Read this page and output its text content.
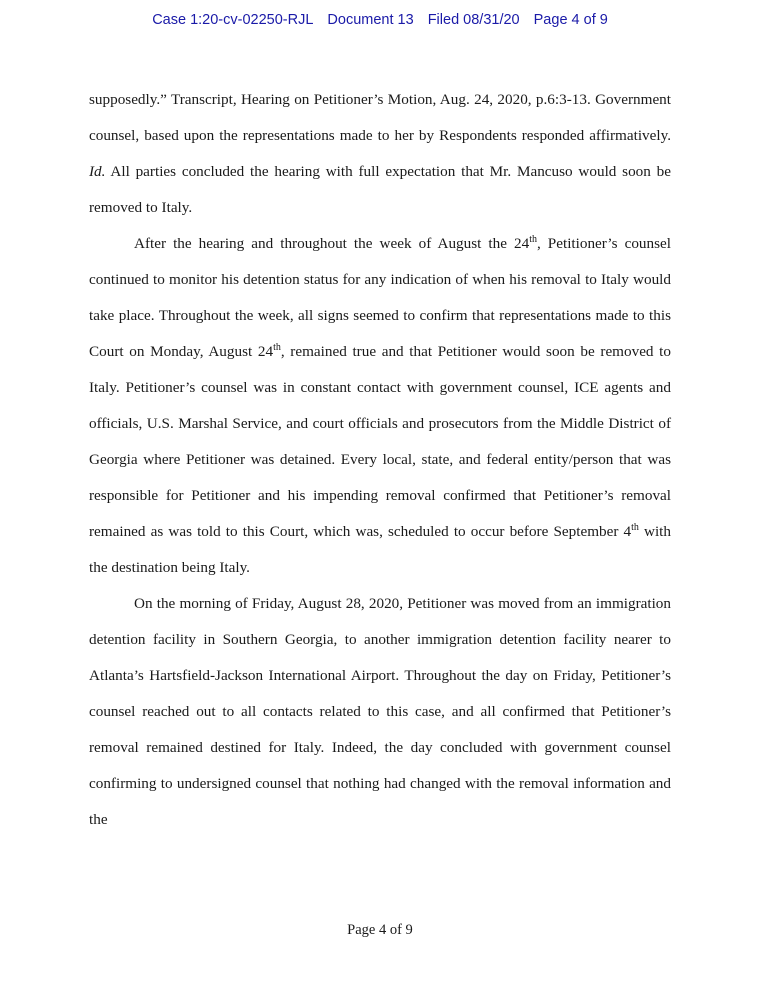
Case 1:20-cv-02250-RJL Document 13 Filed 08/31/20 Page 4 of 9

supposedly.” Transcript, Hearing on Petitioner’s Motion, Aug. 24, 2020, p.6:3-13. Government counsel, based upon the representations made to her by Respondents responded affirmatively. Id. All parties concluded the hearing with full expectation that Mr. Mancuso would soon be removed to Italy.

After the hearing and throughout the week of August the 24th, Petitioner’s counsel continued to monitor his detention status for any indication of when his removal to Italy would take place. Throughout the week, all signs seemed to confirm that representations made to this Court on Monday, August 24th, remained true and that Petitioner would soon be removed to Italy. Petitioner’s counsel was in constant contact with government counsel, ICE agents and officials, U.S. Marshal Service, and court officials and prosecutors from the Middle District of Georgia where Petitioner was detained. Every local, state, and federal entity/person that was responsible for Petitioner and his impending removal confirmed that Petitioner’s removal remained as was told to this Court, which was, scheduled to occur before September 4th with the destination being Italy.

On the morning of Friday, August 28, 2020, Petitioner was moved from an immigration detention facility in Southern Georgia, to another immigration detention facility nearer to Atlanta’s Hartsfield-Jackson International Airport. Throughout the day on Friday, Petitioner’s counsel reached out to all contacts related to this case, and all confirmed that Petitioner’s removal remained destined for Italy. Indeed, the day concluded with government counsel confirming to undersigned counsel that nothing had changed with the removal information and the

Page 4 of 9
